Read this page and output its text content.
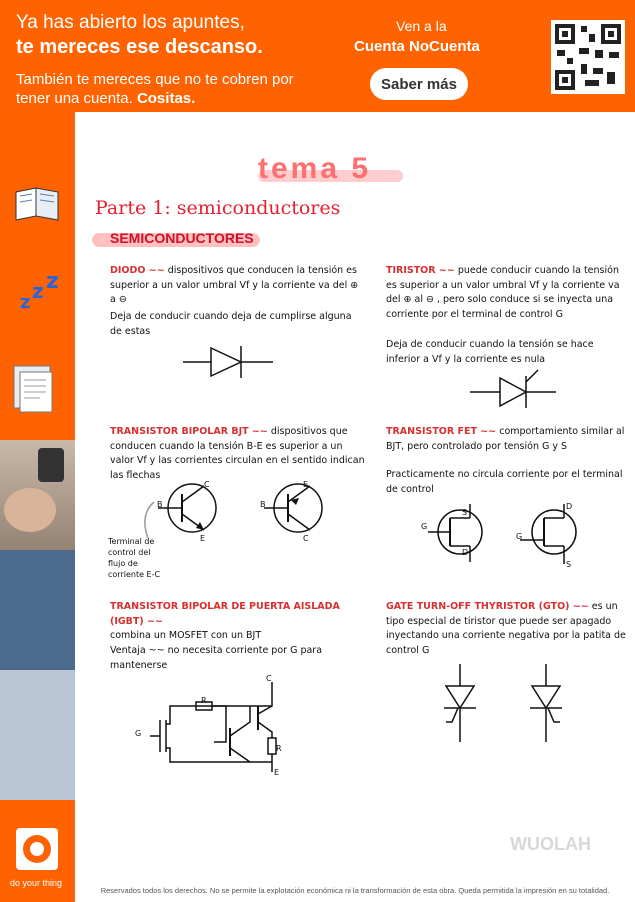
Ya has abierto los apuntes,
te mereces ese descanso.
También te mereces que no te cobren por tener una cuenta. Cositas.
Ven a la
Cuenta NoCuenta
Saber más
z z z
do your thing
tema 5
Parte 1: semiconductores
SEMICONDUCTORES
DIODO ~~ dispositivos que conducen la tensión es superior a un valor umbral Vf y la corriente va del ⊕ a ⊖
Deja de conducir cuando deja de cumplirse alguna de estas
TIRISTOR ~~ puede conducir cuando la tensión es superior a un valor umbral Vf y la corriente va del ⊕ al ⊖ , pero solo conduce si se inyecta una corriente por el terminal de control G
Deja de conducir cuando la tensión se hace inferior a Vf y la corriente es nula
TRANSISTOR BIPOLAR BJT ~~ dispositivos que conducen cuando la tensión B-E es superior a un valor Vf y las corrientes circulan en el sentido indican las flechas
B
C
E
B
E
C
Terminal de control del flujo de corriente E-C
TRANSISTOR FET ~~ comportamiento similar al BJT, pero controlado por tensión G y S
Practicamente no circula corriente por el terminal de control
G
S
D
G
D
S
TRANSISTOR BIPOLAR DE PUERTA AISLADA (IGBT) ~~
combina un MOSFET con un BJT
Ventaja ~~ no necesita corriente por G para mantenerse
R
C
G
R
E
GATE TURN-OFF THYRISTOR (GTO) ~~ es un tipo especial de tiristor que puede ser apagado inyectando una corriente negativa por la patita de control G
WUOLAH
Reservados todos los derechos. No se permite la explotación económica ni la transformación de esta obra. Queda permitida la impresión en su totalidad.
